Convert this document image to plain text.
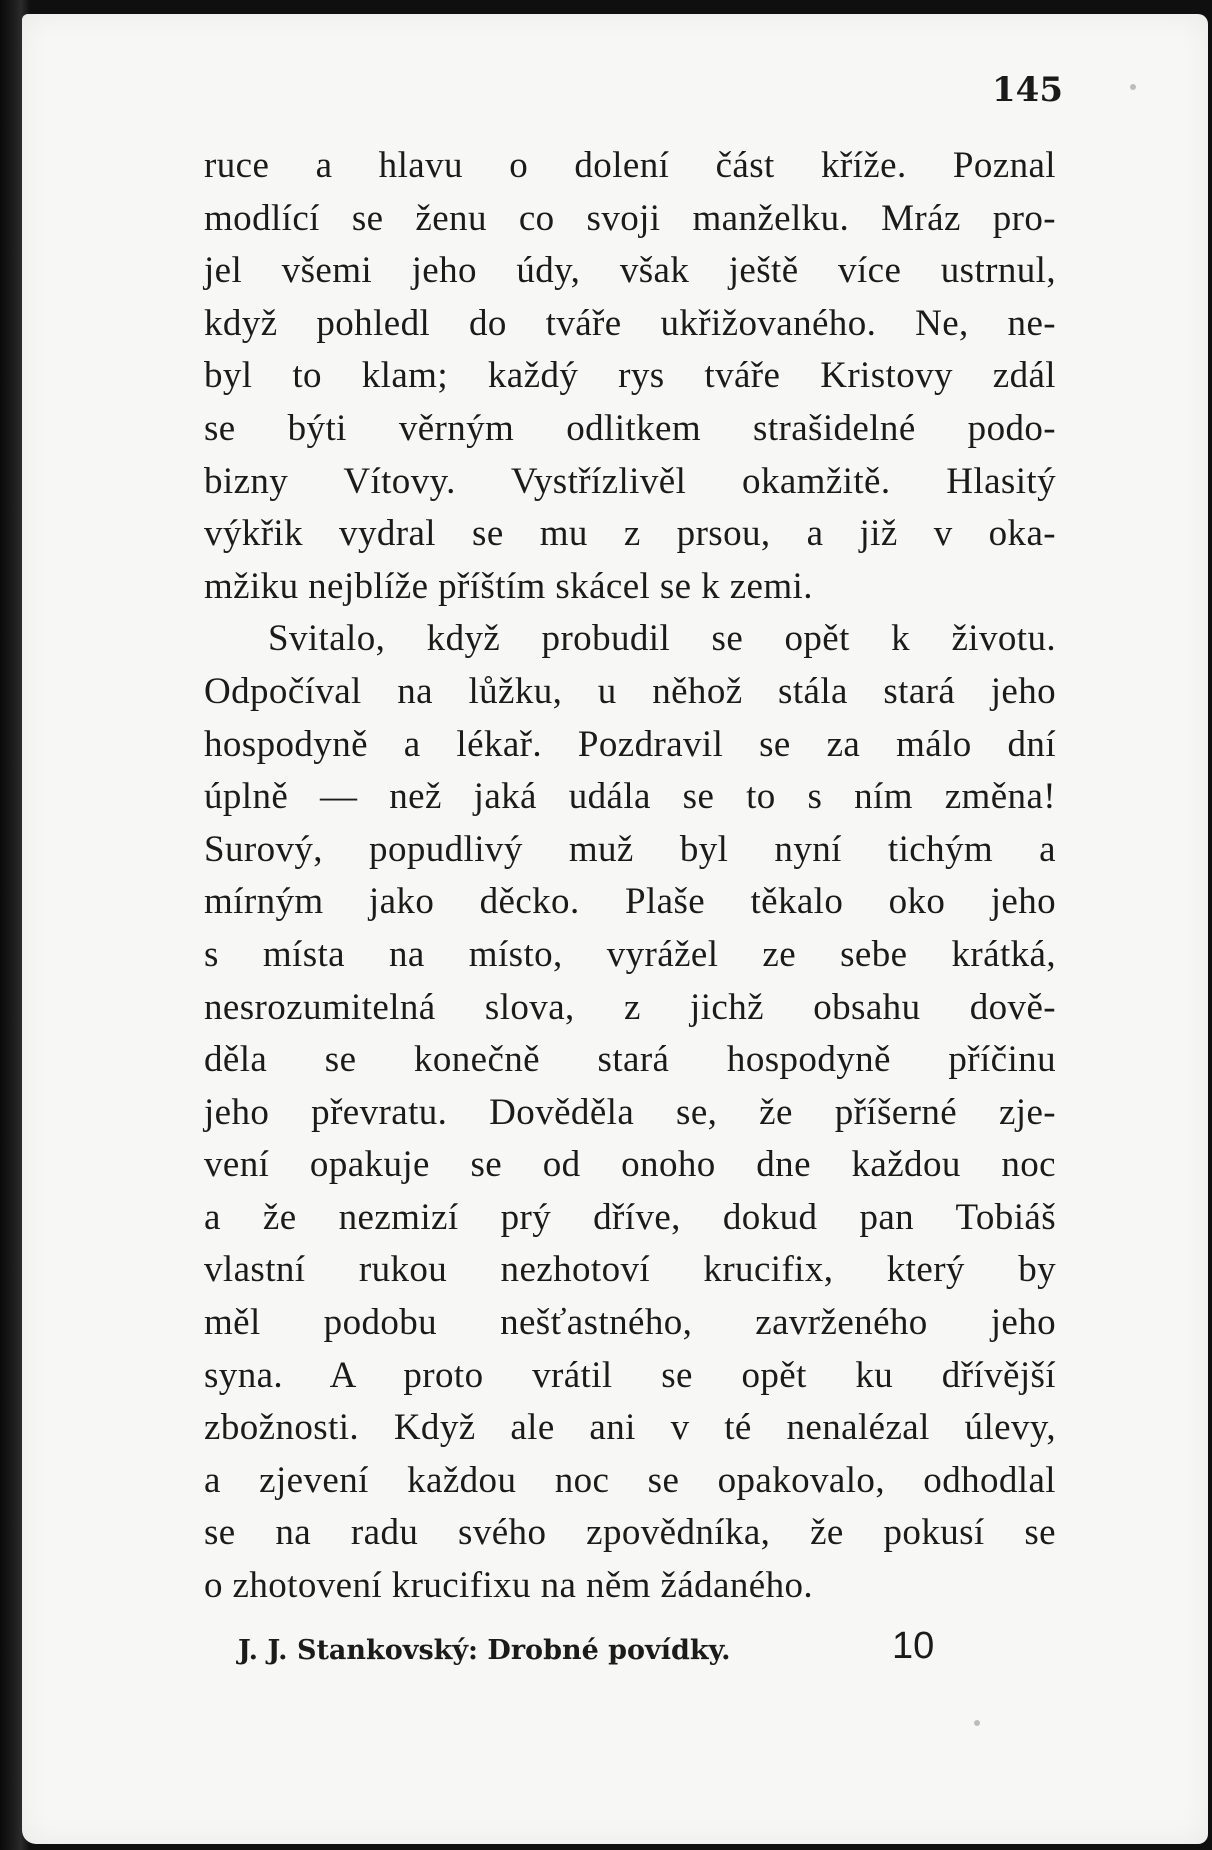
145
ruce a hlavu o dolení část kříže. Poznal
modlící se ženu co svoji manželku. Mráz pro-
jel všemi jeho údy, však ještě více ustrnul,
když pohledl do tváře ukřižovaného. Ne, ne-
byl to klam; každý rys tváře Kristovy zdál
se býti věrným odlitkem strašidelné podo-
bizny Vítovy. Vystřízlivěl okamžitě. Hlasitý
výkřik vydral se mu z prsou, a již v oka-
mžiku nejblíže příštím skácel se k zemi.
Svitalo, když probudil se opět k životu.
Odpočíval na lůžku, u něhož stála stará jeho
hospodyně a lékař. Pozdravil se za málo dní
úplně — než jaká udála se to s ním změna!
Surový, popudlivý muž byl nyní tichým a
mírným jako děcko. Plaše těkalo oko jeho
s místa na místo, vyrážel ze sebe krátká,
nesrozumitelná slova, z jichž obsahu dově-
děla se konečně stará hospodyně příčinu
jeho převratu. Dověděla se, že příšerné zje-
vení opakuje se od onoho dne každou noc
a že nezmizí prý dříve, dokud pan Tobiáš
vlastní rukou nezhotoví krucifix, který by
měl podobu nešťastného, zavrženého jeho
syna. A proto vrátil se opět ku dřívější
zbožnosti. Když ale ani v té nenalézal úlevy,
a zjevení každou noc se opakovalo, odhodlal
se na radu svého zpovědníka, že pokusí se
o zhotovení krucifixu na něm žádaného.
J. J. Stankovský: Drobné povídky.	10
